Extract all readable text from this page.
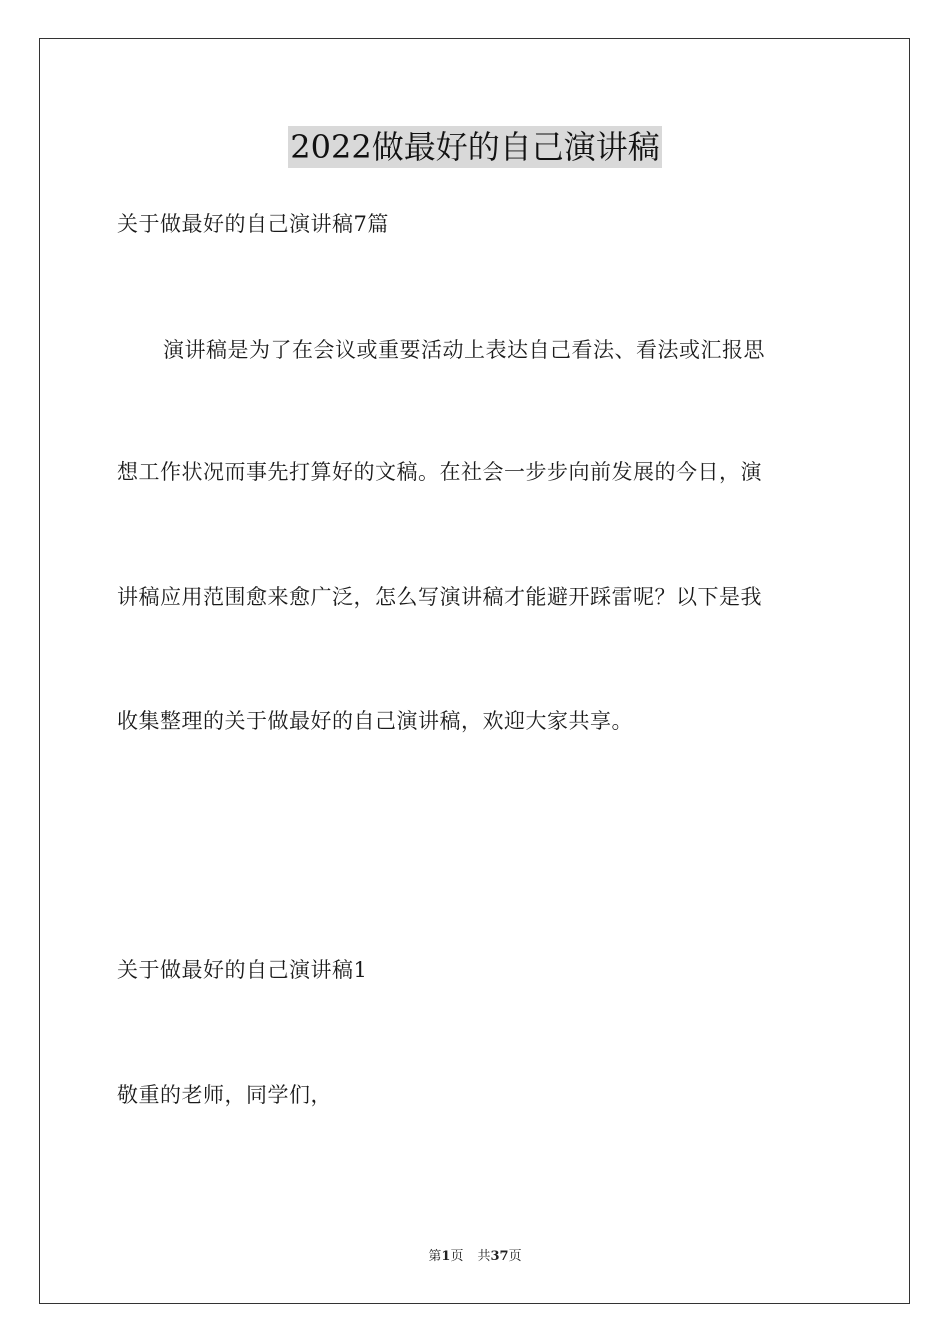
2022做最好的自己演讲稿
关于做最好的自己演讲稿7篇
演讲稿是为了在会议或重要活动上表达自己看法、看法或汇报思
想工作状况而事先打算好的文稿。在社会一步步向前发展的今日，演
讲稿应用范围愈来愈广泛，怎么写演讲稿才能避开踩雷呢？以下是我
收集整理的关于做最好的自己演讲稿，欢迎大家共享。
关于做最好的自己演讲稿1
敬重的老师，同学们，
第1页 共37页
